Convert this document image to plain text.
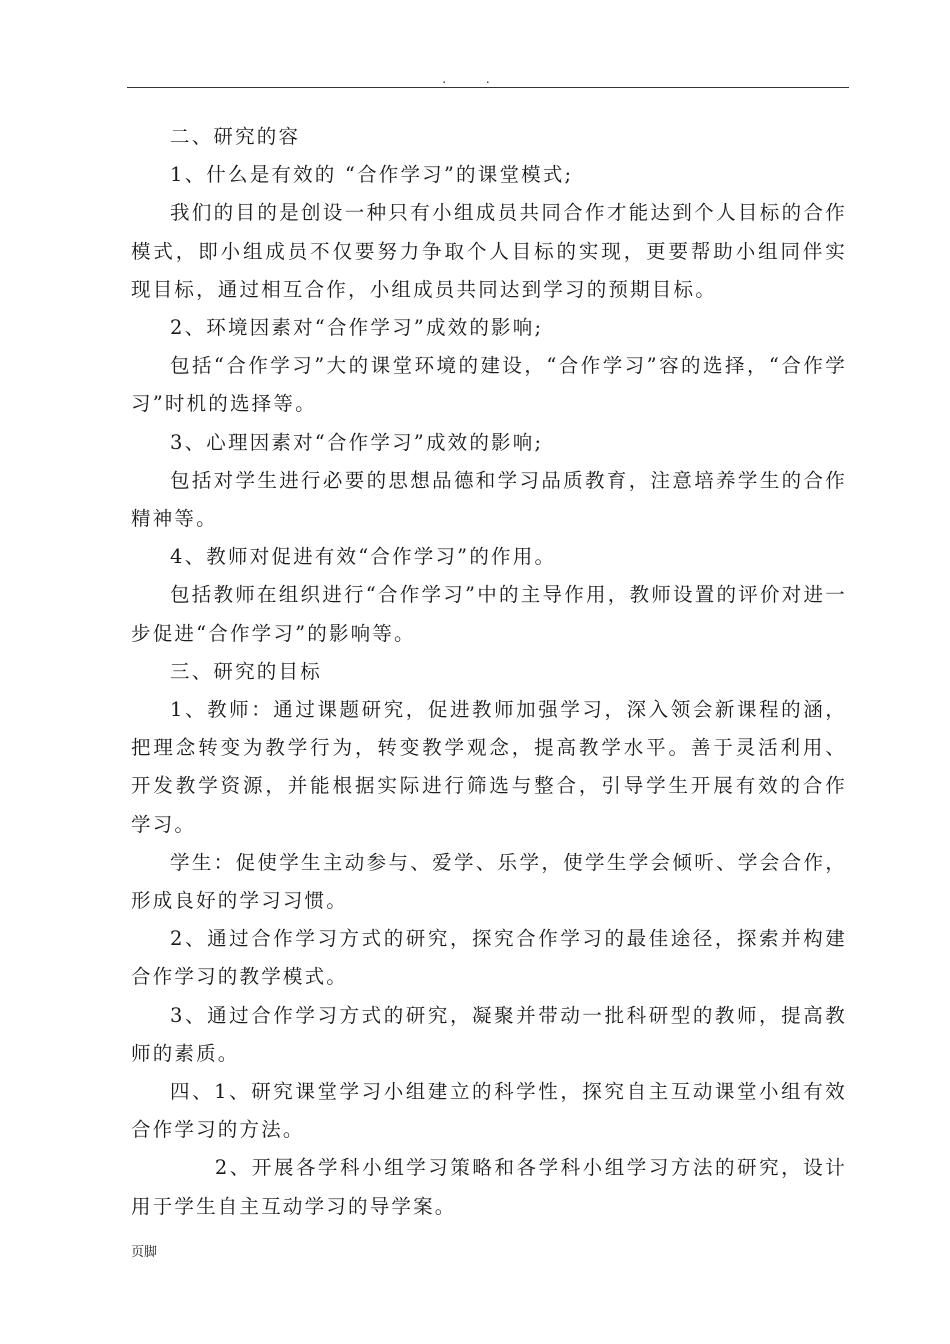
. .

二、研究的容

1、什么是有效的 “合作学习”的课堂模式;

我们的目的是创设一种只有小组成员共同合作才能达到个人目标的合作模式，即小组成员不仅要努力争取个人目标的实现，更要帮助小组同伴实现目标，通过相互合作，小组成员共同达到学习的预期目标。

2、环境因素对“合作学习”成效的影响;

包括“合作学习”大的课堂环境的建设，“合作学习”容的选择，“合作学习”时机的选择等。

3、心理因素对“合作学习”成效的影响;

包括对学生进行必要的思想品德和学习品质教育，注意培养学生的合作精神等。

4、教师对促进有效“合作学习”的作用。

包括教师在组织进行“合作学习”中的主导作用，教师设置的评价对进一步促进“合作学习”的影响等。

三、研究的目标

1、教师：通过课题研究，促进教师加强学习，深入领会新课程的涵，把理念转变为教学行为，转变教学观念，提高教学水平。善于灵活利用、开发教学资源，并能根据实际进行筛选与整合，引导学生开展有效的合作学习。

学生：促使学生主动参与、爱学、乐学，使学生学会倾听、学会合作，形成良好的学习习惯。

2、通过合作学习方式的研究，探究合作学习的最佳途径，探索并构建合作学习的教学模式。

3、通过合作学习方式的研究，凝聚并带动一批科研型的教师，提高教师的素质。

四、1、研究课堂学习小组建立的科学性，探究自主互动课堂小组有效合作学习的方法。

2、开展各学科小组学习策略和各学科小组学习方法的研究，设计用于学生自主互动学习的导学案。

页脚
